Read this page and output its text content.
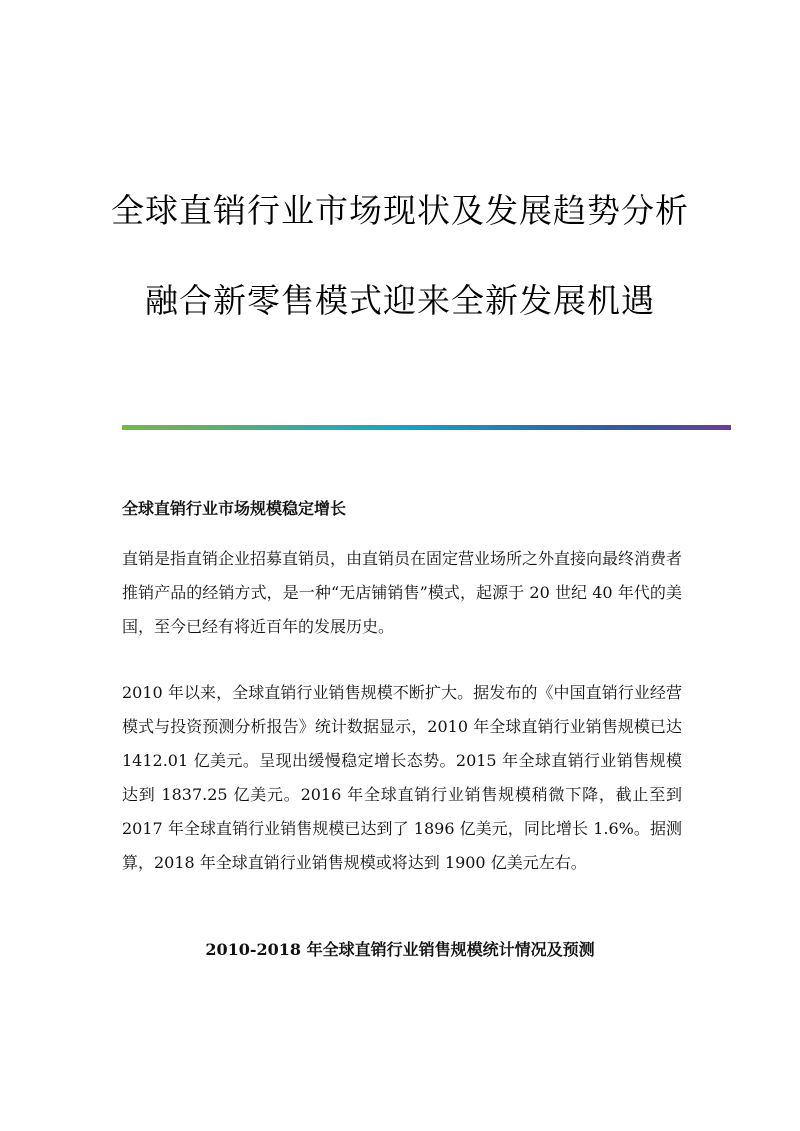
全球直销行业市场现状及发展趋势分析
融合新零售模式迎来全新发展机遇
全球直销行业市场规模稳定增长

直销是指直销企业招募直销员，由直销员在固定营业场所之外直接向最终消费者推销产品的经销方式，是一种“无店铺销售”模式，起源于 20 世纪 40 年代的美国，至今已经有将近百年的发展历史。

2010 年以来，全球直销行业销售规模不断扩大。据发布的《中国直销行业经营模式与投资预测分析报告》统计数据显示，2010 年全球直销行业销售规模已达 1412.01 亿美元。呈现出缓慢稳定增长态势。2015 年全球直销行业销售规模达到 1837.25 亿美元。2016 年全球直销行业销售规模稍微下降，截止至到 2017 年全球直销行业销售规模已达到了 1896 亿美元，同比增长 1.6%。据测算，2018 年全球直销行业销售规模或将达到 1900 亿美元左右。

2010-2018 年全球直销行业销售规模统计情况及预测
